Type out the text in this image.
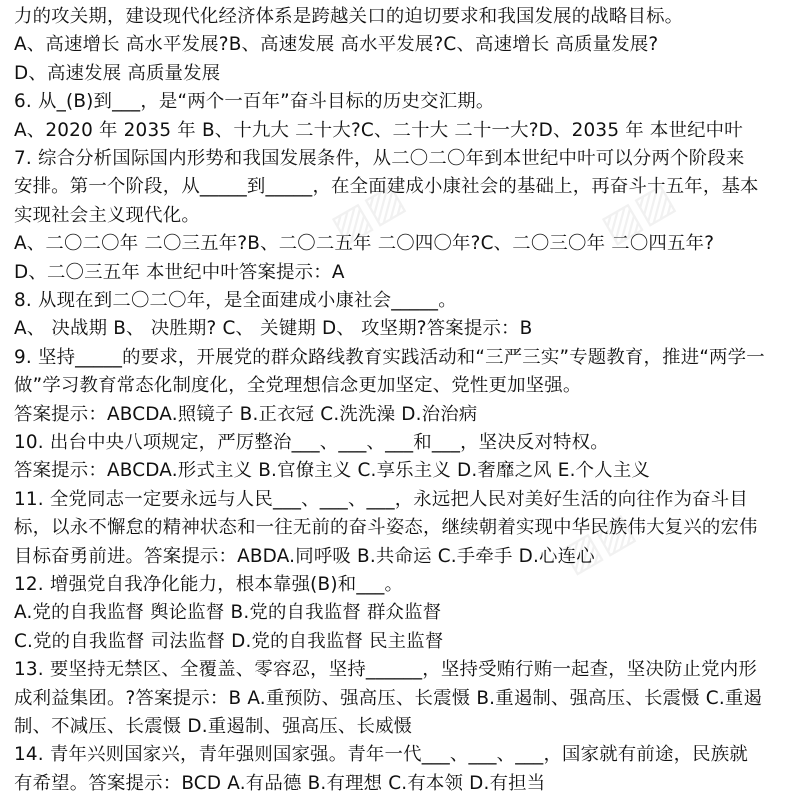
▨▨	▨▨
▨▨
力的攻关期，建设现代化经济体系是跨越关口的迫切要求和我国发展的战略目标。
A、高速增长 高水平发展?B、高速发展 高水平发展?C、高速增长 高质量发展?
D、高速发展 高质量发展
6. 从_(B)到___，是“两个一百年”奋斗目标的历史交汇期。
A、2020 年 2035 年 B、十九大 二十大?C、二十大 二十一大?D、2035 年 本世纪中叶
7. 综合分析国际国内形势和我国发展条件，从二〇二〇年到本世纪中叶可以分两个阶段来
安排。第一个阶段，从_____到_____，在全面建成小康社会的基础上，再奋斗十五年，基本
实现社会主义现代化。
A、二〇二〇年 二〇三五年?B、二〇二五年 二〇四〇年?C、二〇三〇年 二〇四五年?
D、二〇三五年 本世纪中叶答案提示：A
8. 从现在到二〇二〇年，是全面建成小康社会_____。
A、 决战期 B、 决胜期? C、 关键期 D、 攻坚期?答案提示：B
9. 坚持_____的要求，开展党的群众路线教育实践活动和“三严三实”专题教育，推进“两学一
做”学习教育常态化制度化，全党理想信念更加坚定、党性更加坚强。
答案提示：ABCDA.照镜子 B.正衣冠 C.洗洗澡 D.治治病
10. 出台中央八项规定，严厉整治___、___、___和___，坚决反对特权。
答案提示：ABCDA.形式主义 B.官僚主义 C.享乐主义 D.奢靡之风 E.个人主义
11. 全党同志一定要永远与人民___、___、___，永远把人民对美好生活的向往作为奋斗目
标，以永不懈怠的精神状态和一往无前的奋斗姿态，继续朝着实现中华民族伟大复兴的宏伟
目标奋勇前进。答案提示：ABDA.同呼吸 B.共命运 C.手牵手 D.心连心
12. 增强党自我净化能力，根本靠强(B)和___。
A.党的自我监督 舆论监督 B.党的自我监督 群众监督
C.党的自我监督 司法监督 D.党的自我监督 民主监督
13. 要坚持无禁区、全覆盖、零容忍，坚持______，坚持受贿行贿一起查，坚决防止党内形
成利益集团。?答案提示：B A.重预防、强高压、长震慑 B.重遏制、强高压、长震慑 C.重遏
制、不减压、长震慑 D.重遏制、强高压、长威慑
14. 青年兴则国家兴，青年强则国家强。青年一代___、___、___，国家就有前途，民族就
有希望。答案提示：BCD A.有品德 B.有理想 C.有本领 D.有担当
